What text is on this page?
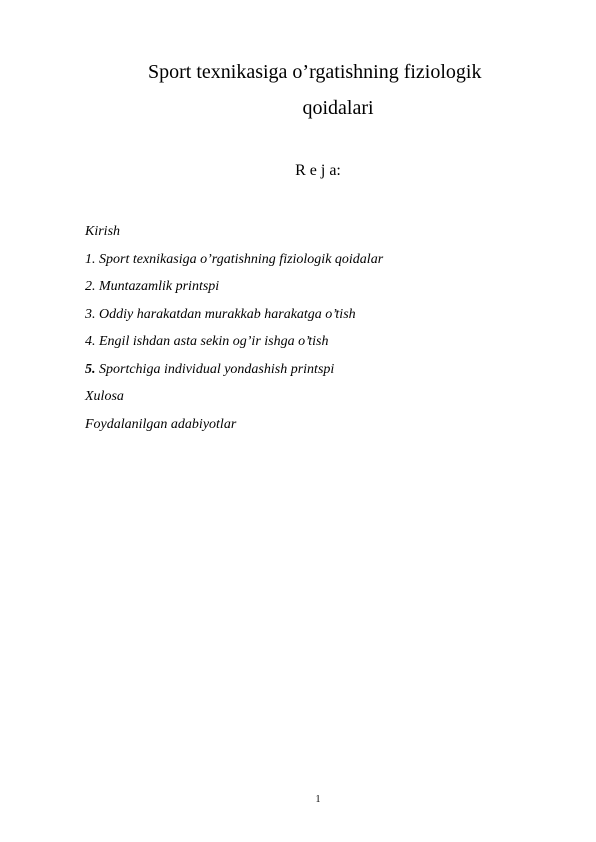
Sport texnikasiga o’rgatishning fiziologik
qoidalari
R e j a:
Kirish
1. Sport texnikasiga o’rgatishning fiziologik qoidalar
2. Muntazamlik printspi
3. Oddiy harakatdan murakkab harakatga o’tish
4. Engil ishdan asta sekin og’ir ishga o’tish
5. Sportchiga individual yondashish printspi
Xulosa
Foydalanilgan adabiyotlar
1
